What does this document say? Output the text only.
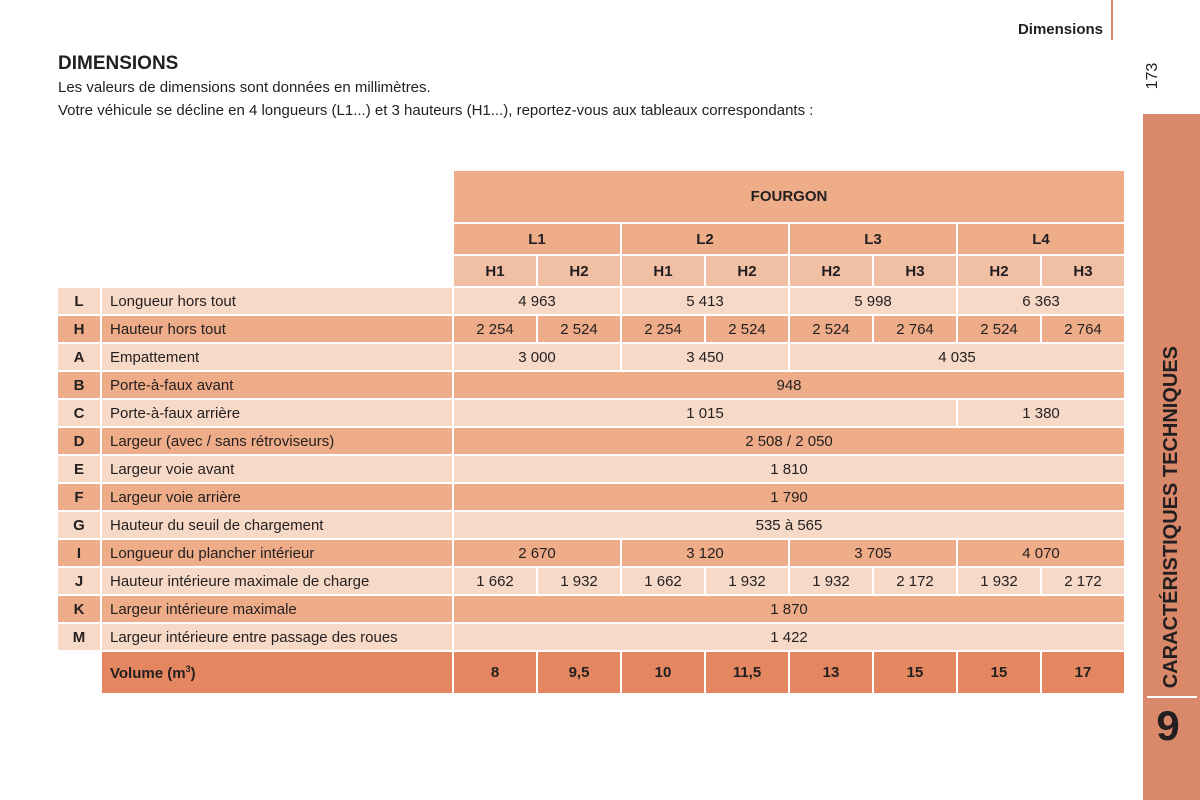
Dimensions
173
CARACTÉRISTIQUES TECHNIQUES
9
DIMENSIONS

Les valeurs de dimensions sont données en millimètres.

Votre véhicule se décline en 4 longueurs (L1...) et 3 hauteurs (H1...), reportez-vous aux tableaux correspondants :

		FOURGON							
		L1		L2		L3		L4	
		H1	H2	H1	H2	H2	H3	H2	H3
L	Longueur hors tout	4 963		5 413		5 998		6 363	
H	Hauteur hors tout	2 254	2 524	2 254	2 524	2 524	2 764	2 524	2 764
A	Empattement	3 000		3 450		4 035			
B	Porte-à-faux avant	948							
C	Porte-à-faux arrière	1 015						1 380	
D	Largeur (avec / sans rétroviseurs)	2 508 / 2 050							
E	Largeur voie avant	1 810							
F	Largeur voie arrière	1 790							
G	Hauteur du seuil de chargement	535 à 565							
I	Longueur du plancher intérieur	2 670		3 120		3 705		4 070	
J	Hauteur intérieure maximale de charge	1 662	1 932	1 662	1 932	1 932	2 172	1 932	2 172
K	Largeur intérieure maximale	1 870							
M	Largeur intérieure entre passage des roues	1 422							
	Volume $(m^3)$	8	9,5	10	11,5	13	15	15	17
